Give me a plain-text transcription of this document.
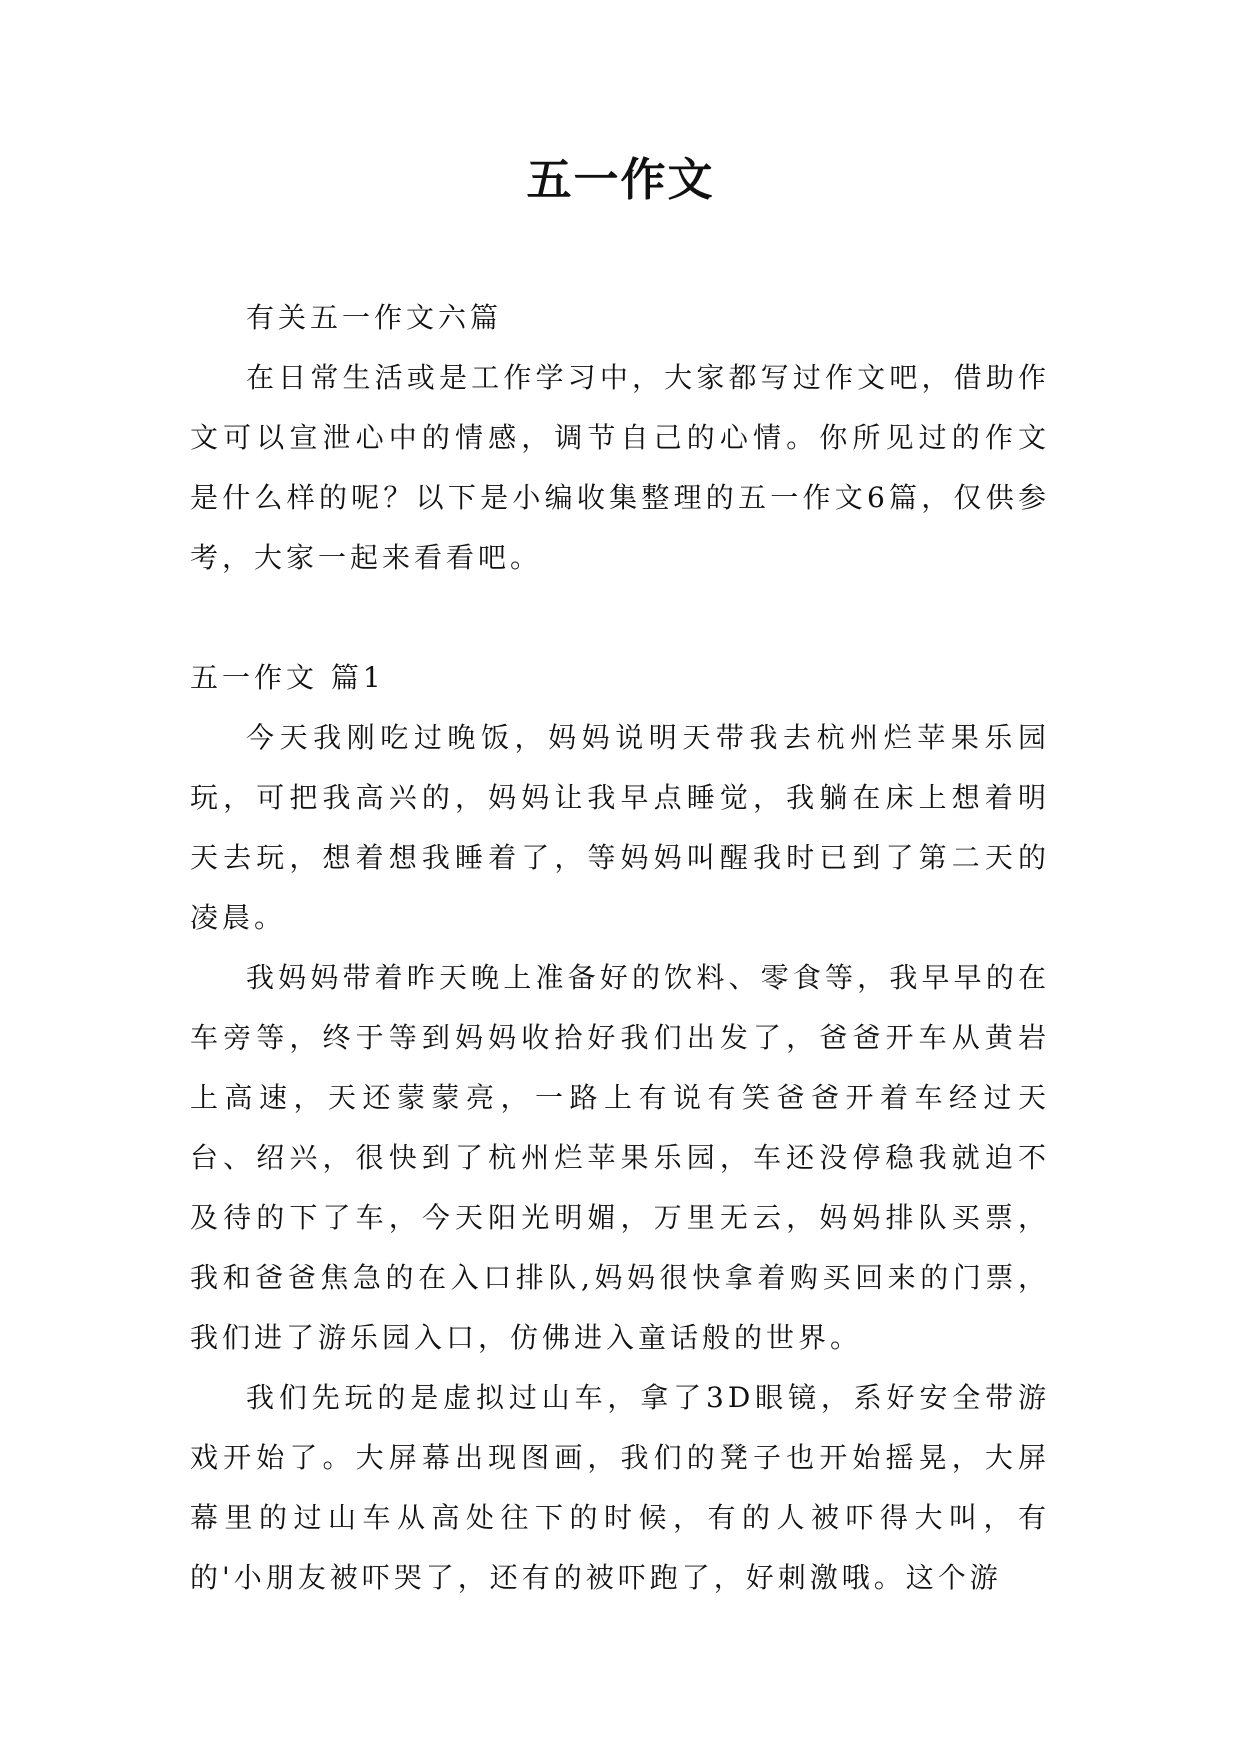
五一作文

有关五一作文六篇

在日常生活或是工作学习中，大家都写过作文吧，借助作文可以宣泄心中的情感，调节自己的心情。你所见过的作文是什么样的呢？以下是小编收集整理的五一作文6篇，仅供参考，大家一起来看看吧。

五一作文 篇1

今天我刚吃过晚饭，妈妈说明天带我去杭州烂苹果乐园玩，可把我高兴的，妈妈让我早点睡觉，我躺在床上想着明天去玩，想着想我睡着了，等妈妈叫醒我时已到了第二天的凌晨。

我妈妈带着昨天晚上准备好的饮料、零食等，我早早的在车旁等，终于等到妈妈收拾好我们出发了，爸爸开车从黄岩上高速，天还蒙蒙亮，一路上有说有笑爸爸开着车经过天台、绍兴，很快到了杭州烂苹果乐园，车还没停稳我就迫不及待的下了车，今天阳光明媚，万里无云，妈妈排队买票，我和爸爸焦急的在入口排队,妈妈很快拿着购买回来的门票，我们进了游乐园入口，仿佛进入童话般的世界。

我们先玩的是虚拟过山车，拿了3D眼镜，系好安全带游戏开始了。大屏幕出现图画，我们的凳子也开始摇晃，大屏幕里的过山车从高处往下的时候，有的人被吓得大叫，有的'小朋友被吓哭了，还有的被吓跑了，好刺激哦。这个游
